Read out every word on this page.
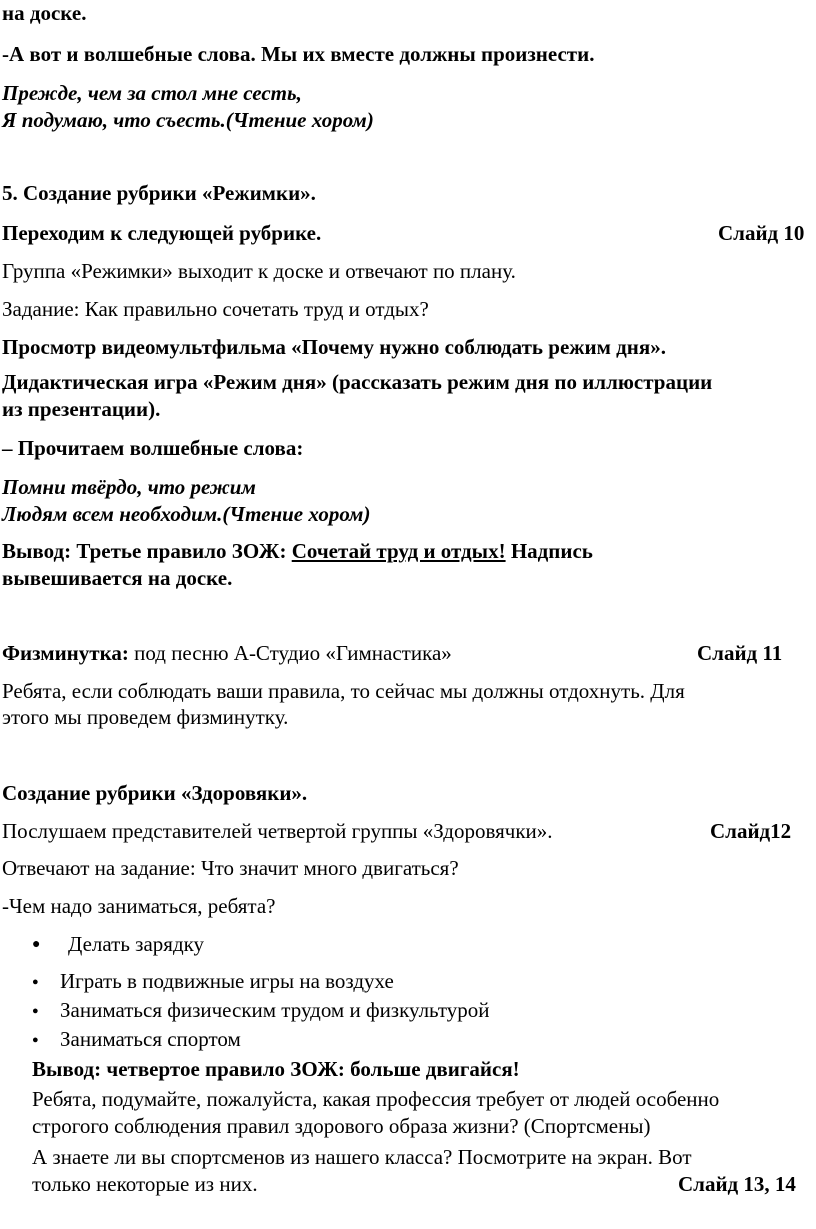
на доске.
-А вот и волшебные слова. Мы их вместе должны произнести.
Прежде, чем за стол мне сесть,
Я подумаю, что съесть.(Чтение хором)
5. Создание рубрики «Режимки».
Переходим к следующей рубрике.	Слайд 10
Группа «Режимки» выходит к доске и отвечают по плану.
Задание: Как правильно сочетать труд и отдых?
Просмотр видеомультфильма «Почему нужно соблюдать режим дня».
Дидактическая игра «Режим дня» (рассказать режим дня по иллюстрации
из презентации).
– Прочитаем волшебные слова:
Помни твёрдо, что режим
Людям всем необходим.(Чтение хором)
Вывод: Третье правило ЗОЖ: Сочетай труд и отдых! Надпись
вывешивается на доске.
Физминутка: под песню А-Студио «Гимнастика»	Слайд 11
Ребята, если соблюдать ваши правила, то сейчас мы должны отдохнуть. Для
этого мы проведем физминутку.
Создание рубрики «Здоровяки».
Послушаем представителей четвертой группы «Здоровячки».	Слайд12
Отвечают на задание: Что значит много двигаться?
-Чем надо заниматься, ребята?
● Делать зарядку
● Играть в подвижные игры на воздухе
● Заниматься физическим трудом и физкультурой
● Заниматься спортом
Вывод: четвертое правило ЗОЖ: больше двигайся!
Ребята, подумайте, пожалуйста, какая профессия требует от людей особенно
строгого соблюдения правил здорового образа жизни? (Спортсмены)
А знаете ли вы спортсменов из нашего класса? Посмотрите на экран. Вот
только некоторые из них.	Слайд 13, 14
